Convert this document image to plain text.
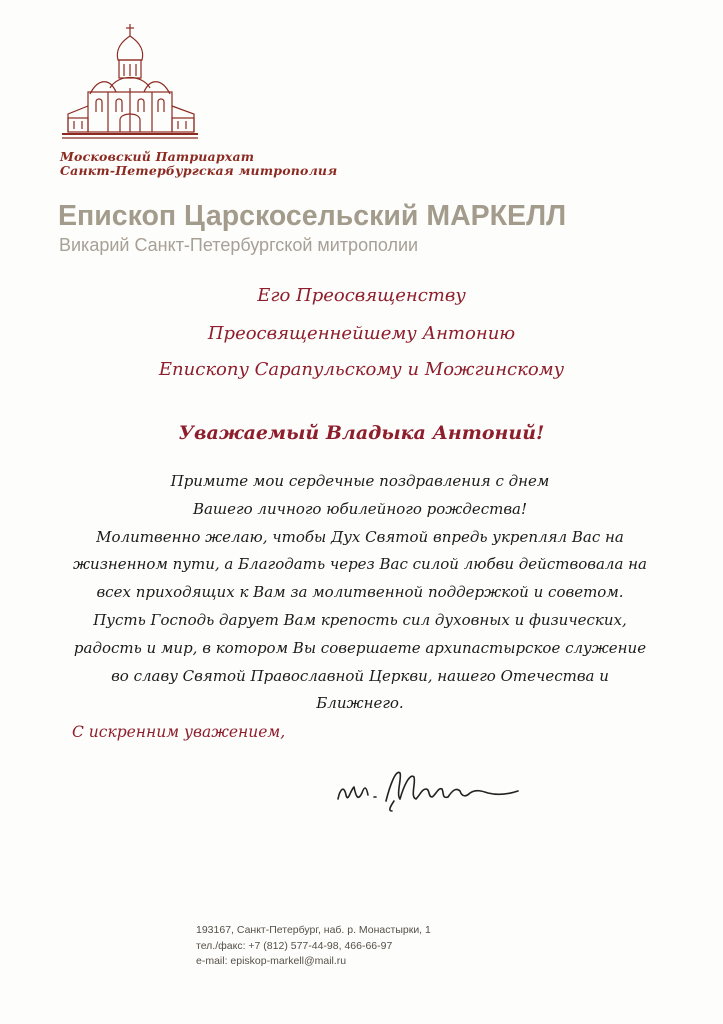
Московский Патриархат
Санкт-Петербургская митрополия
Епископ Царскосельский МАРКЕЛЛ
Викарий Санкт-Петербургской митрополии
Его Преосвященству
Преосвященнейшему Антонию
Епископу Сарапульскому и Можгинскому
Уважаемый Владыка Антоний!
Примите мои сердечные поздравления с днем
Вашего личного юбилейного рождества!
Молитвенно желаю, чтобы Дух Святой впредь укреплял Вас на
жизненном пути, а Благодать через Вас силой любви действовала на
всех приходящих к Вам за молитвенной поддержкой и советом.
Пусть Господь дарует Вам крепость сил духовных и физических,
радость и мир, в котором Вы совершаете архипастырское служение
во славу Святой Православной Церкви, нашего Отечества и
Ближнего.
С искренним уважением,
193167, Санкт-Петербург, наб. р. Монастырки, 1
тел./факс: +7 (812) 577-44-98, 466-66-97
e-mail: episkop-markell@mail.ru
